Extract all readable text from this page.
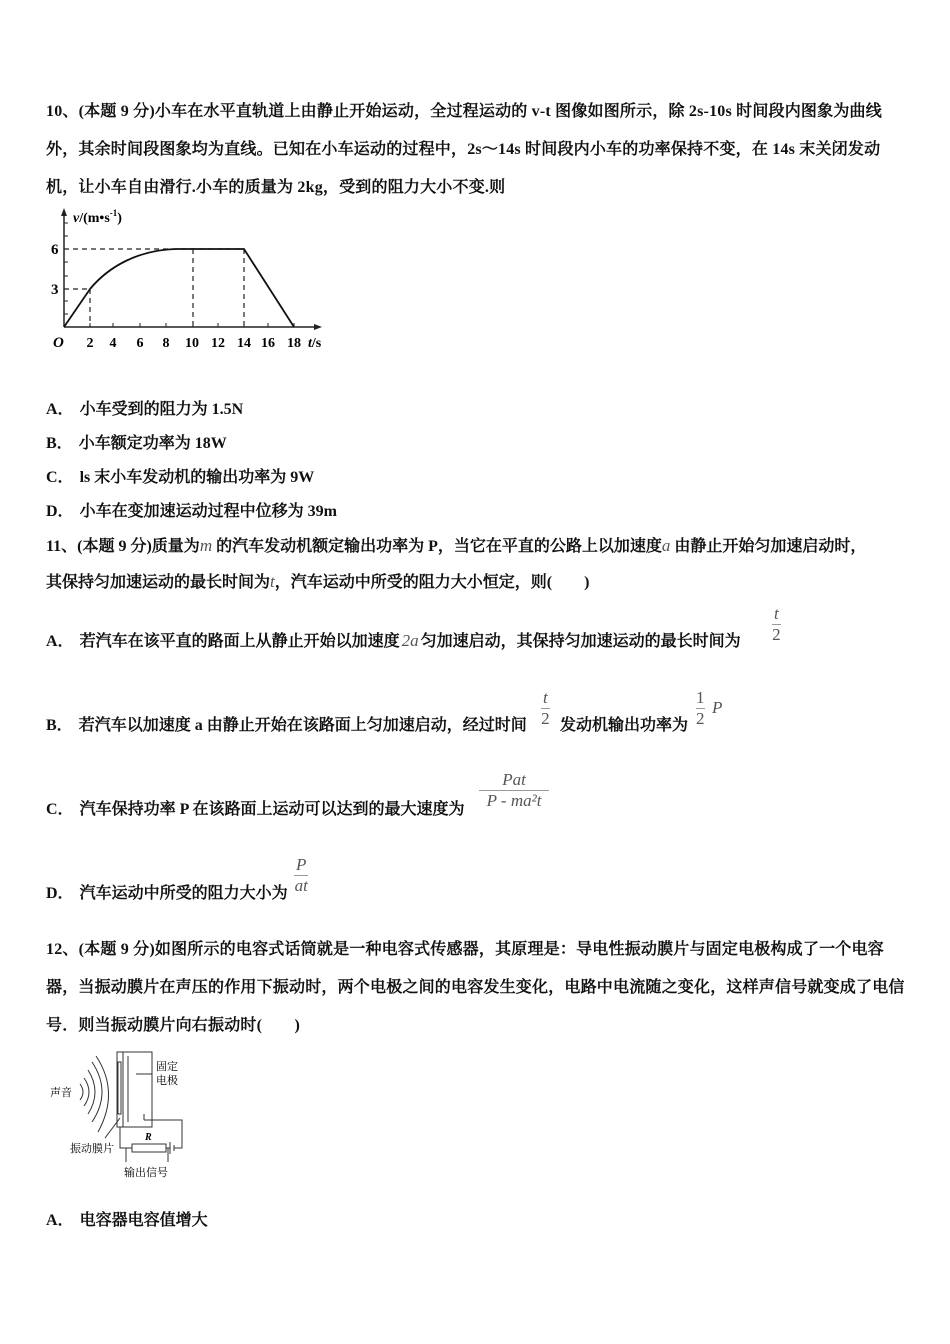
10、(本题 9 分)小车在水平直轨道上由静止开始运动，全过程运动的 v-t 图像如图所示，除 2s-10s 时间段内图象为曲线外，其余时间段图象均为直线。已知在小车运动的过程中，2s～14s 时间段内小车的功率保持不变，在 14s 末关闭发动机，让小车自由滑行.小车的质量为 2kg，受到的阻力大小不变.则
$v/(m•s^{-1})$
6
3
O 2 4 6 8 10 12 14 16 18 t/s
A． 小车受到的阻力为 1.5N
B． 小车额定功率为 18W
C． ls 末小车发动机的输出功率为 9W
D． 小车在变加速运动过程中位移为 39m
11、(本题 9 分)质量为m 的汽车发动机额定输出功率为 P，当它在平直的公路上以加速度a 由静止开始匀加速启动时，
其保持匀加速运动的最长时间为t，汽车运动中所受的阻力大小恒定，则(　　)
A． 若汽车在该平直的路面上从静止开始以加速度 2a 匀加速启动，其保持匀加速运动的最长时间为
t
2
B． 若汽车以加速度 a 由静止开始在该路面上匀加速启动，经过时间
t
2 发动机输出功率为
1
2
P
C． 汽车保持功率 P 在该路面上运动可以达到的最大速度为
Pat
P - ma²t
D． 汽车运动中所受的阻力大小为
P
at
12、(本题 9 分)如图所示的电容式话筒就是一种电容式传感器，其原理是：导电性振动膜片与固定电极构成了一个电容器，当振动膜片在声压的作用下振动时，两个电极之间的电容发生变化，电路中电流随之变化，这样声信号就变成了电信号．则当振动膜片向右振动时(　　)
声音
固定
电极
振动膜片
R
输出信号
A． 电容器电容值增大
